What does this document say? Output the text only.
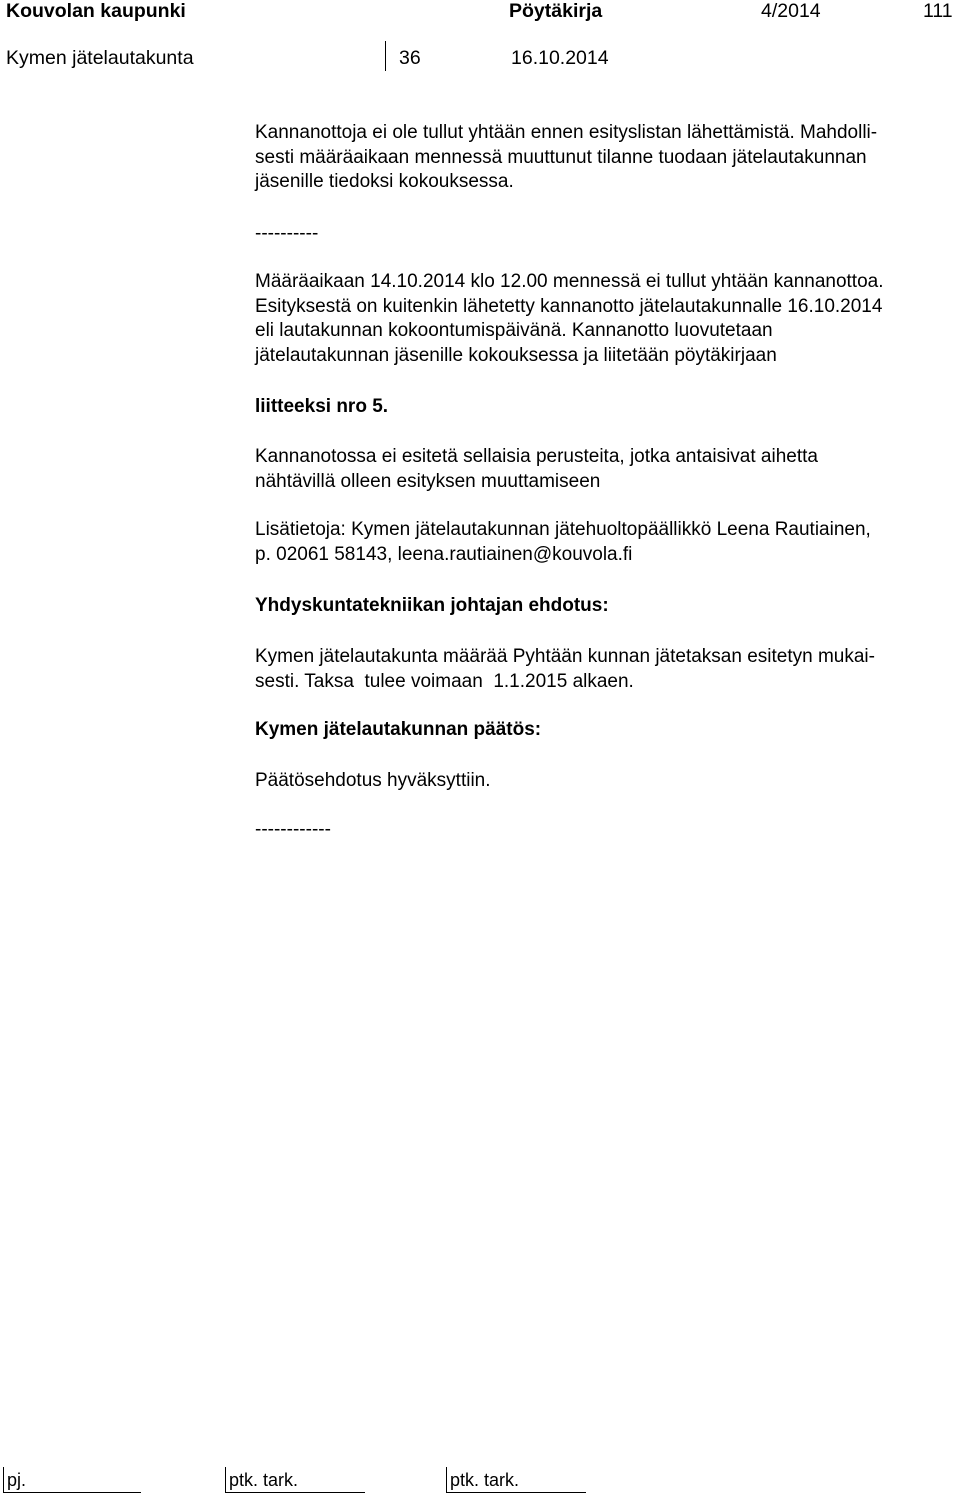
Kouvolan kaupunki	Pöytäkirja	4/2014	111
Kymen jätelautakunta	36	16.10.2014
Kannanottoja ei ole tullut yhtään ennen esityslistan lähettämistä. Mahdolli-
sesti määräaikaan mennessä muuttunut tilanne tuodaan jätelautakunnan
jäsenille tiedoksi kokouksessa.
----------
Määräaikaan 14.10.2014 klo 12.00 mennessä ei tullut yhtään kannanottoa.
Esityksestä on kuitenkin lähetetty kannanotto jätelautakunnalle 16.10.2014
eli lautakunnan kokoontumispäivänä. Kannanotto luovutetaan
jätelautakunnan jäsenille kokouksessa ja liitetään pöytäkirjaan
liitteeksi nro 5.
Kannanotossa ei esitetä sellaisia perusteita, jotka antaisivat aihetta
nähtävillä olleen esityksen muuttamiseen
Lisätietoja: Kymen jätelautakunnan jätehuoltopäällikkö Leena Rautiainen,
p. 02061 58143, leena.rautiainen@kouvola.fi
Yhdyskuntatekniikan johtajan ehdotus:
Kymen jätelautakunta määrää Pyhtään kunnan jätetaksan esitetyn mukai-
sesti. Taksa  tulee voimaan  1.1.2015 alkaen.
Kymen jätelautakunnan päätös:
Päätösehdotus hyväksyttiin.
------------
pj.	ptk. tark.	ptk. tark.
